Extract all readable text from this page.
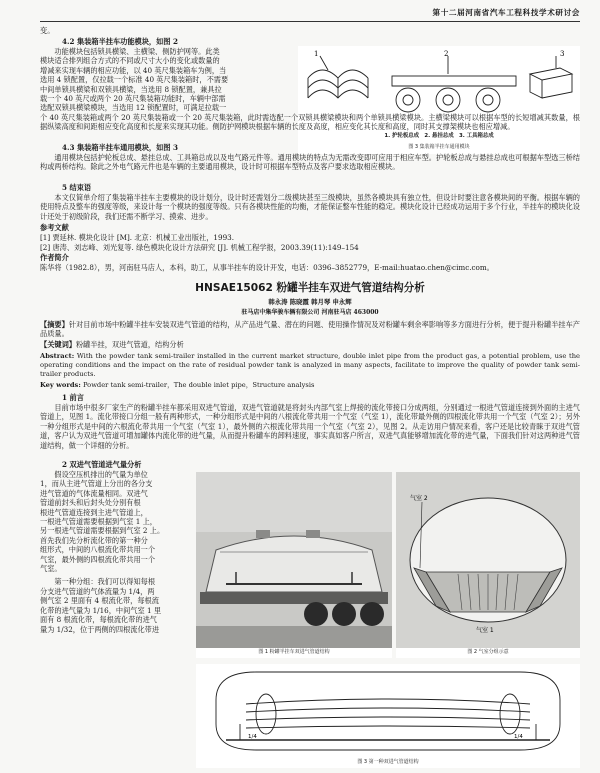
第十二届河南省汽车工程科技学术研讨会
变。
4.2 集装箱半挂车功能模块，如图 2
功能模块包括锁具横梁、主横梁、侧防护网等。此类
模块适合排列组合方式的不同或尺寸大小的变化或数量的
增减来实现车辆的相应功能，以 40 英尺集装箱车为例，当
选用 4 锁配置，仅拉载一个标准 40 英尺集装箱时，不需要
中间单锁具横梁和双锁具横梁，当选用 8 锁配置，兼具拉
载一个 40 英尺或两个 20 英尺集装箱功能时，车辆中部需
选配双锁具横梁模块，当选用 12 锁配置时，可满足拉载一
1	2	3
1. 护轮板总成　2. 悬挂总成　3. 工具箱总成
图 3 集装箱半挂车通用模块

个 40 英尺集装箱或两个 20 英尺集装箱或一个 20 英尺集装箱，此时需选配一个双锁具横梁模块和两个单锁具横梁模块。主横梁模块可以根据车型的长短增减其数量，根据纵梁高度和间距相应变化高度和长度来实现其功能。侧防护网模块根据车辆的长度及高度，相应变化其长度和高度，同时其支撑架模块也相应增减。

4.3 集装箱半挂车通用模块，如图 3

通用模块包括护轮板总成、悬挂总成、工具箱总成以及电气路元件等。通用模块的特点为无需改变即可应用于相应车型。护轮板总成与悬挂总成也可根据车型选三桥结构或两桥结构。除此之外电气路元件也是车辆的主要通用模块，设计时可根据车型特点及客户要求选取相应模块。

5 结束语

本文仅简单介绍了集装箱半挂车主要模块的设计划分，设计时还需划分二级模块甚至三级模块，虽然各模块具有独立性，但设计时要注意各模块间的平衡。根据车辆的使用特点及整车的强度等级，来设计每一个模块的强度等级。只有各模块性能的均衡，才能保证整车性能的稳定。模块化设计已经成功运用于多个行业，半挂车的模块化设计还处于初级阶段，我们还需不断学习、摸索、进步。

参考文献
[1] 贾延林. 模块化设计 [M]. 北京：机械工业出版社，1993.
[2] 唐涛、刘志峰、刘光复等. 绿色模块化设计方法研究 [J]. 机械工程学报，2003.39(11):149–154
作者简介
陈华将（1982.8），男，河南驻马店人，本科，助工，从事半挂车的设计开发，电话：0396–3852779，E-mail:huatao.chen@cimc.com。
HNSAE15062 粉罐半挂车双进气管道结构分析
韩永涛 陈晓霞 韩月琴 申永辉
驻马店中集华骏车辆有限公司 河南驻马店 463000

【摘要】针对目前市场中粉罐半挂车安装双进气管道的结构，从产品进气量、潜在的问题、使用操作情况及对粉罐车剩余率影响等多方面进行分析，便于提升粉罐半挂车产品质量。

【关键词】粉罐半挂，双进气管道，结构分析

Abstract: With the powder tank semi-trailer installed in the current market structure, double inlet pipe from the product gas, a potential problem, use the operating conditions and the impact on the rate of residual powder tank is analyzed in many aspects, facilitate to improve the quality of powder tank semi-trailer products.

Key words: Powder tank semi-trailer，The double inlet pipe，Structure analysis

1 前言

目前市场中很多厂家生产的粉罐半挂车都采用双进气管道，双进气管道就是将封头内部气室上焊接的流化带接口分成两组，分别通过一根进气管道连接到外面的主进气管道上，见图 1。流化带接口分组一般有两种形式，一种分组形式是中间的八根流化带共用一个气室（气室 1），流化带最外侧的四根流化带共用一个气室（气室 2）；另外一种分组形式是中间的六根流化带共用一个气室（气室 1），最外侧的六根流化带共用一个气室（气室 2），见图 2。从走访用户情况来看，客户还是比较青睐于双进气管道，客户认为双进气管道可增加罐体内流化带的进气量，从而提升粉罐车的卸料速度，事实真如客户所言，双进气真能够增加流化带的进气量，下面我们针对这两种进气管道结构，做一个详细的分析。

2 双进气管道进气量分析
假设空压机排出的气量为单位
1，而从主进气管道上分出的各分支
进气管道的气体流量相同。双进气
管道前封头和后封头处分别有根
根进气管道连接到主进气管道上，
一根进气管道需要根据到气室 1 上，
另一根进气管道需要根据到气室 2 上。
首先我们先分析流化带的第一种分
组形式，中间的八根流化带共用一个
气室，最外侧的四根流化带共用一个
气室。
第一种分组：我们可以得知每根
分支进气管道的气体流量为 1/4，两
侧气室 2 里面有 4 根流化带，每根流
化带的进气量为 1/16，中间气室 1 里
面有 8 根流化带，每根流化带的进气
量为 1/32，位于两侧的四根流化带进
图 1 粉罐半挂车双进气管道结构
气室 2
气室 1
图 2 气室分组示意
1/4	1/4
图 3 第一种双进气管道结构
